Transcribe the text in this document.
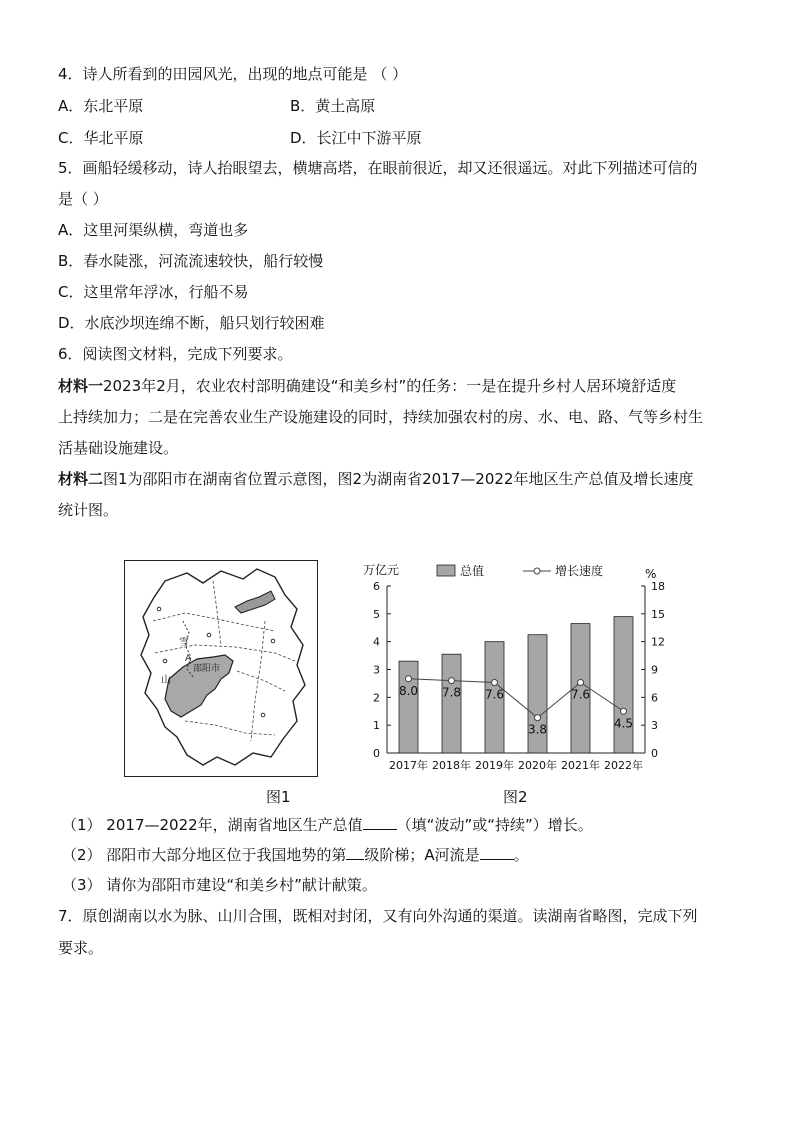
4．诗人所看到的田园风光，出现的地点可能是 （ ）
A．东北平原	B．黄土高原
C．华北平原	D．长江中下游平原
5．画船轻缓移动，诗人抬眼望去，横塘高塔，在眼前很近，却又还很遥远。对此下列描述可信的
是（ ）
A．这里河渠纵横，弯道也多
B．春水陡涨，河流流速较快，船行较慢
C．这里常年浮冰，行船不易
D．水底沙坝连绵不断，船只划行较困难
6．阅读图文材料，完成下列要求。
材料一2023年2月，农业农村部明确建设“和美乡村”的任务：一是在提升乡村人居环境舒适度
上持续加力；二是在完善农业生产设施建设的同时，持续加强农村的房、水、电、路、气等乡村生
活基础设施建设。
材料二图1为邵阳市在湖南省位置示意图，图2为湖南省2017—2022年地区生产总值及增长速度
统计图。
雪
邵阳市
山
A
图1
万亿元	%
总值	增长速度
0
1
2
3
4
5
6
0
3
6
9
12
15
18
2017年 2018年 2019年 2020年 2021年 2022年
8.0 7.8 7.6
3.8
7.6
4.5
图2
（1） 2017—2022年，湖南省地区生产总值 （填“波动”或“持续”）增长。
（2） 邵阳市大部分地区位于我国地势的第 级阶梯；A河流是 。
（3） 请你为邵阳市建设“和美乡村”献计献策。
7．原创湖南以水为脉、山川合围，既相对封闭，又有向外沟通的渠道。读湖南省略图，完成下列
要求。
